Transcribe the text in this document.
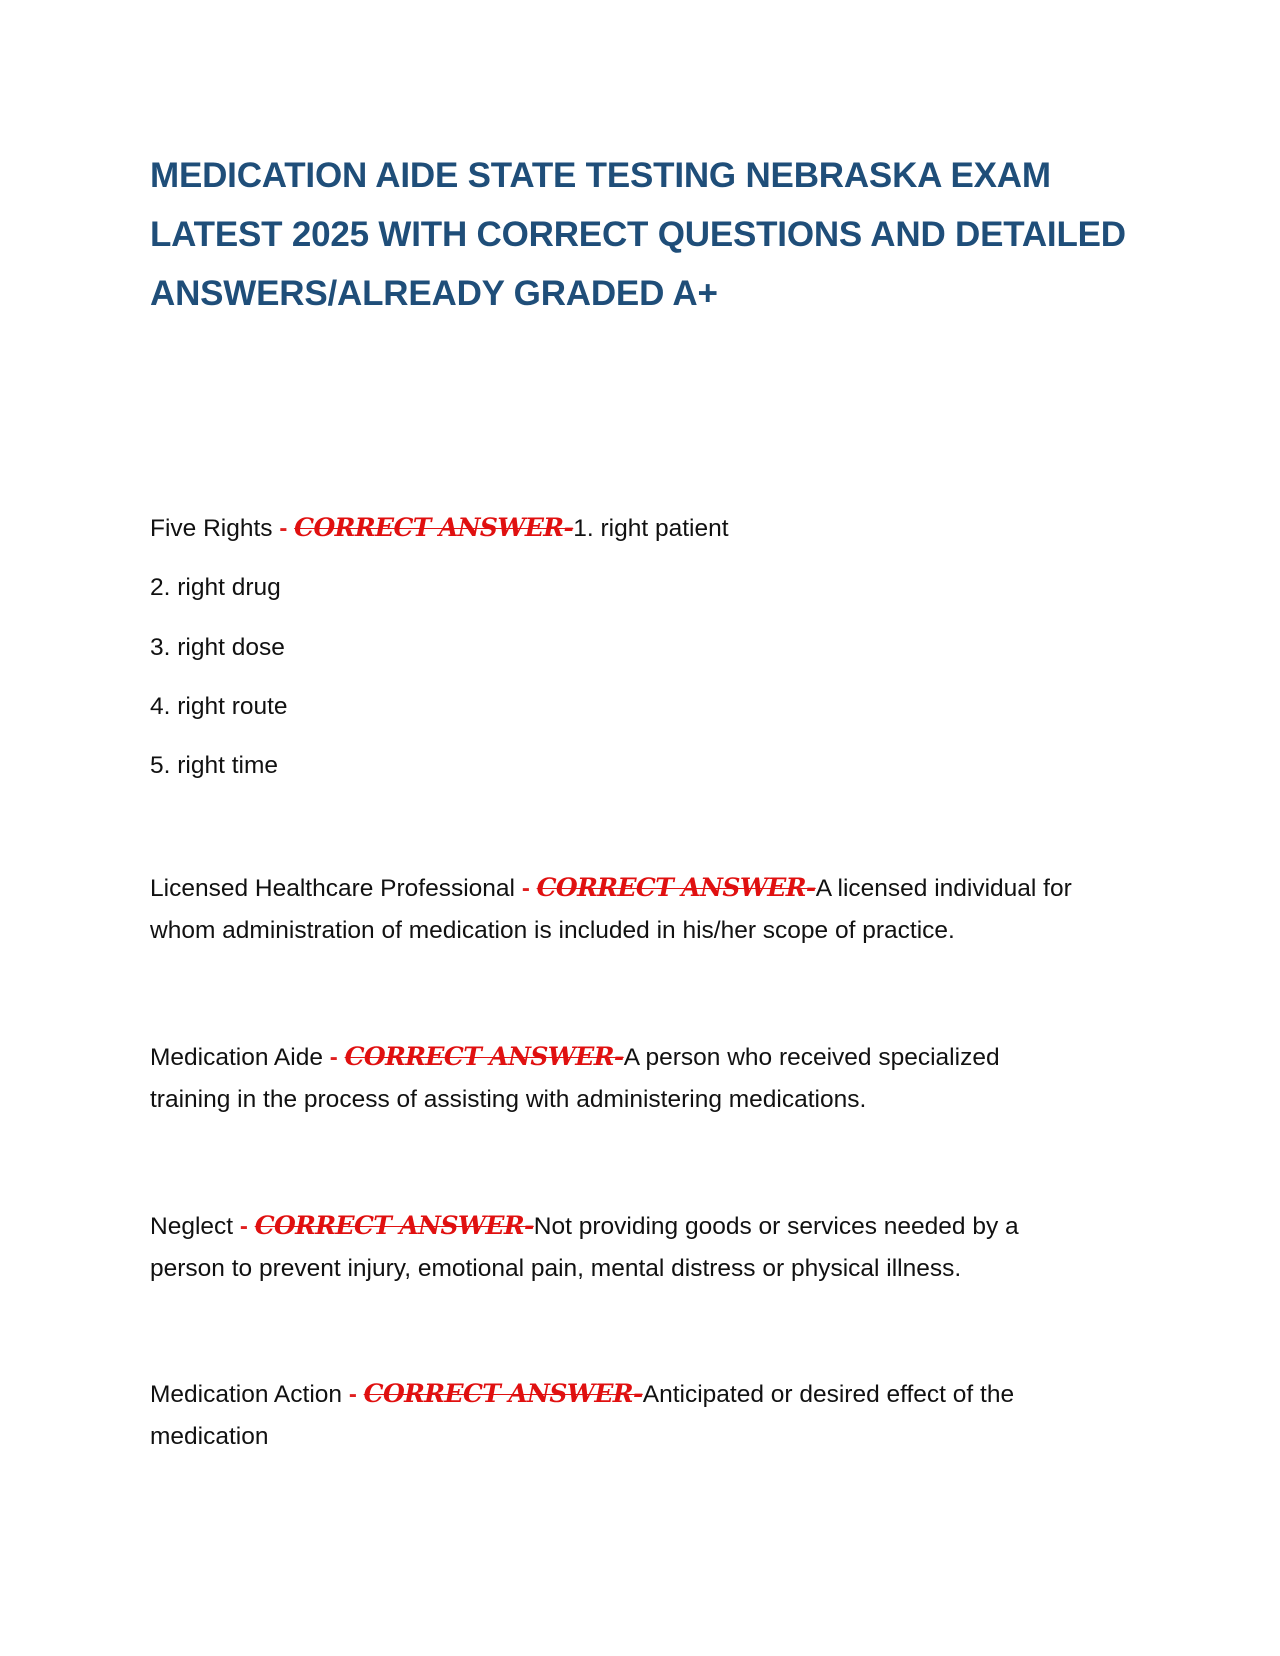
MEDICATION AIDE STATE TESTING NEBRASKA EXAM
LATEST 2025 WITH CORRECT QUESTIONS AND DETAILED
ANSWERS/ALREADY GRADED A+

Five Rights - CORRECT ANSWER-1. right patient

2. right drug

3. right dose

4. right route

5. right time

Licensed Healthcare Professional - CORRECT ANSWER-A licensed individual for
whom administration of medication is included in his/her scope of practice.
Medication Aide - CORRECT ANSWER-A person who received specialized
training in the process of assisting with administering medications.
Neglect - CORRECT ANSWER-Not providing goods or services needed by a
person to prevent injury, emotional pain, mental distress or physical illness.
Medication Action - CORRECT ANSWER-Anticipated or desired effect of the
medication
